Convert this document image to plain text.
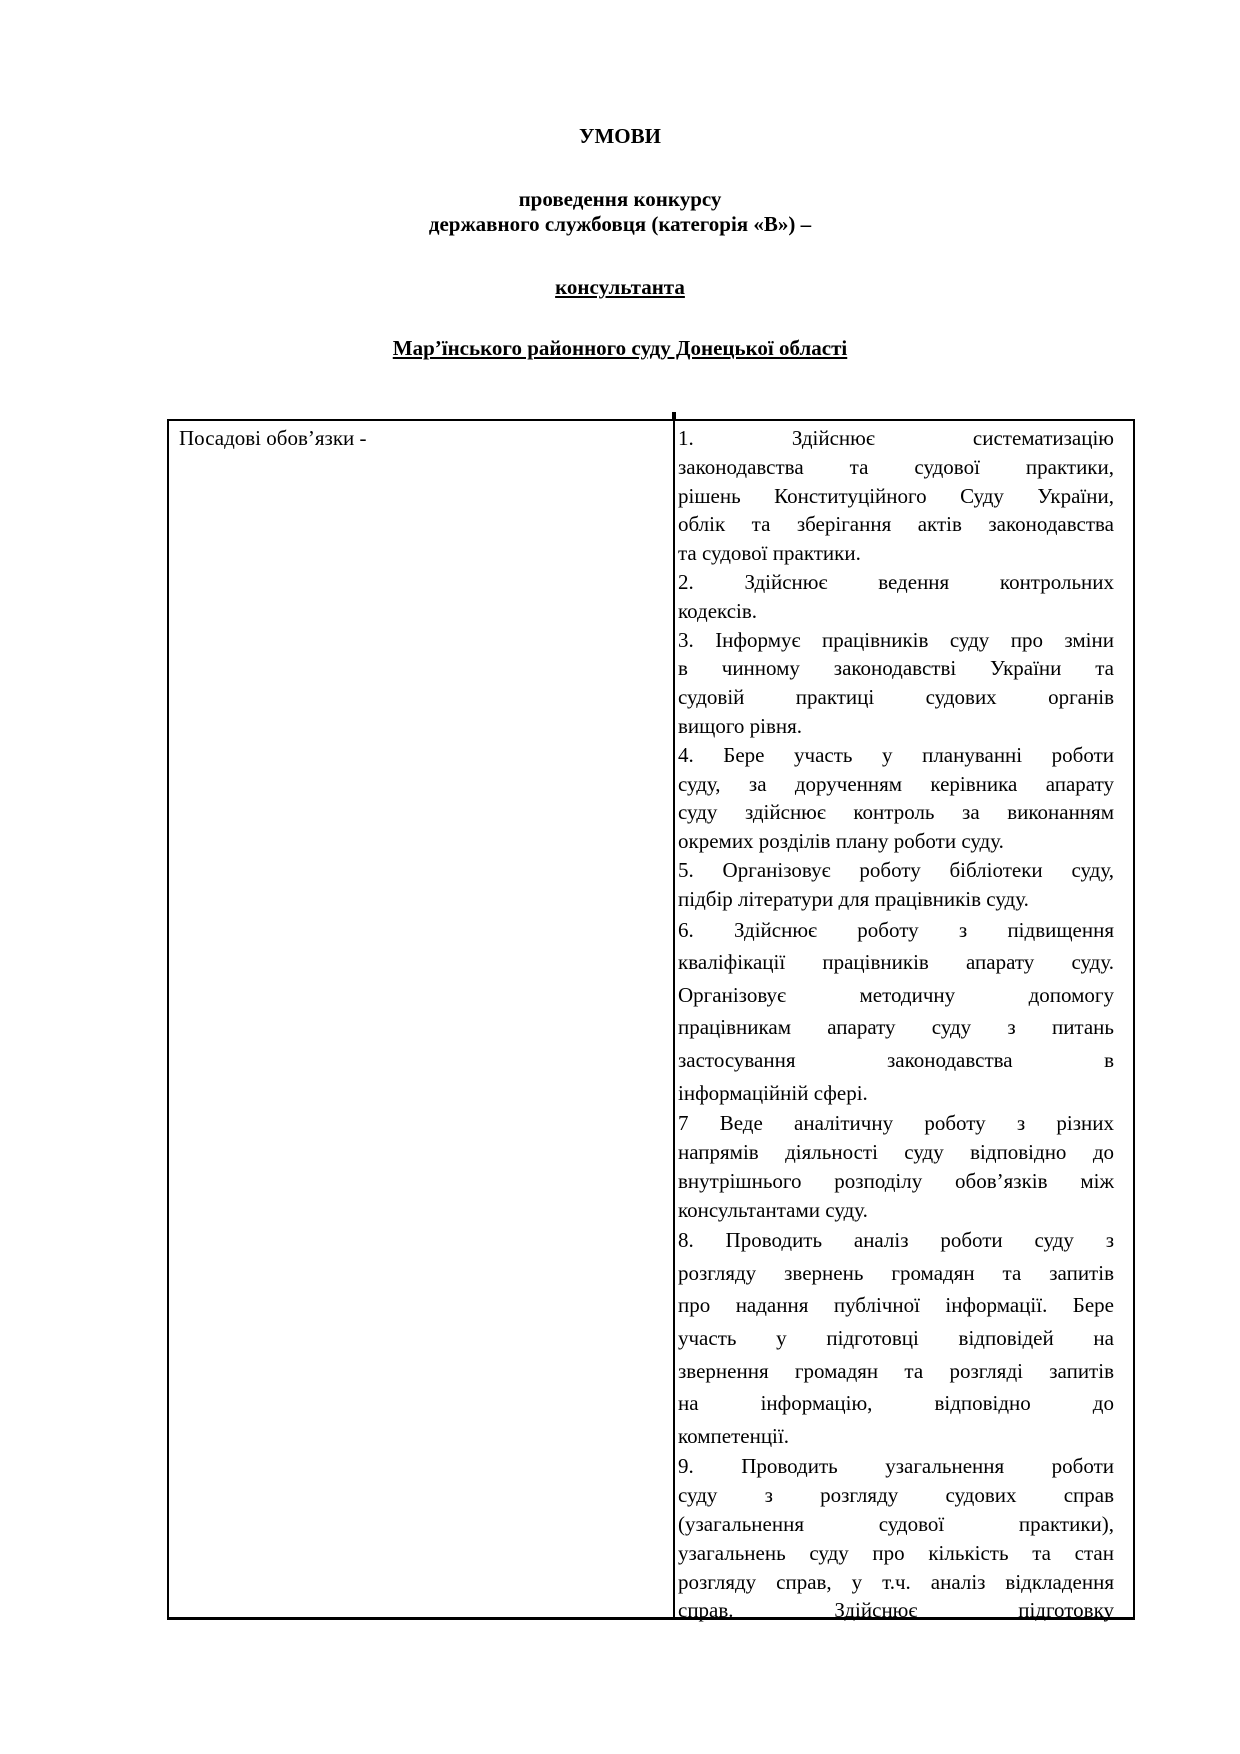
УМОВИ
проведення конкурсу
державного службовця (категорія «В») –
консультанта
Мар’їнського районного суду Донецької області
Посадові обов’язки -	1. Здійснює систематизацію
законодавства та судової практики,
рішень Конституційного Суду України,
облік та зберігання актів законодавства
та судової практики.
2. Здійснює ведення контрольних
кодексів.
3. Інформує працівників суду про зміни
в чинному законодавстві України та
судовій практиці судових органів
вищого рівня.
4. Бере участь у плануванні роботи
суду, за дорученням керівника апарату
суду здійснює контроль за виконанням
окремих розділів плану роботи суду.
5. Організовує роботу бібліотеки суду,
підбір літератури для працівників суду.
6. Здійснює роботу з підвищення
кваліфікації працівників апарату суду.
Організовує методичну допомогу
працівникам апарату суду з питань
застосування законодавства в
інформаційній сфері.
7 Веде аналітичну роботу з різних
напрямів діяльності суду відповідно до
внутрішнього розподілу обов’язків між
консультантами суду.
8. Проводить аналіз роботи суду з
розгляду звернень громадян та запитів
про надання публічної інформації. Бере
участь у підготовці відповідей на
звернення громадян та розгляді запитів
на інформацію, відповідно до
компетенції.
9. Проводить узагальнення роботи
суду з розгляду судових справ
(узагальнення судової практики),
узагальнень суду про кількість та стан
розгляду справ, у т.ч. аналіз відкладення
справ. Здійснює підготовку
